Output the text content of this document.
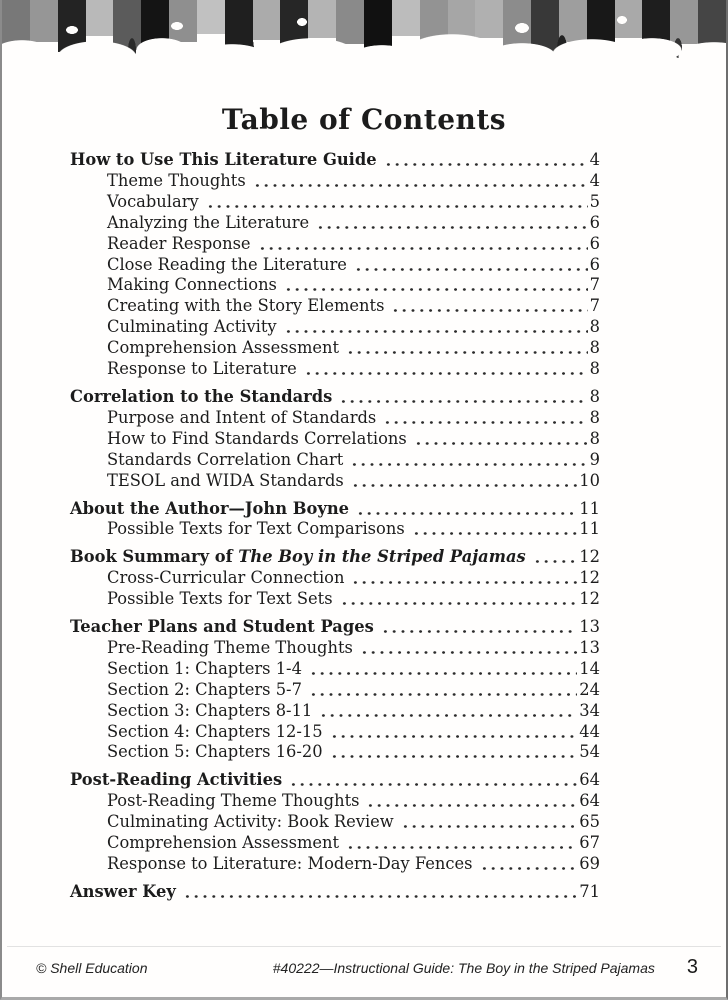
Table of Contents
How to Use This Literature Guide	4
Theme Thoughts	4
Vocabulary	5
Analyzing the Literature	6
Reader Response	6
Close Reading the Literature	6
Making Connections	7
Creating with the Story Elements	7
Culminating Activity	8
Comprehension Assessment	8
Response to Literature	8
Correlation to the Standards	8
Purpose and Intent of Standards	8
How to Find Standards Correlations	8
Standards Correlation Chart	9
TESOL and WIDA Standards	10
About the Author—John Boyne	11
Possible Texts for Text Comparisons	11
Book Summary of The Boy in the Striped Pajamas	12
Cross-Curricular Connection	12
Possible Texts for Text Sets	12
Teacher Plans and Student Pages	13
Pre-Reading Theme Thoughts	13
Section 1: Chapters 1-4	14
Section 2: Chapters 5-7	24
Section 3: Chapters 8-11	34
Section 4: Chapters 12-15	44
Section 5: Chapters 16-20	54
Post-Reading Activities	64
Post-Reading Theme Thoughts	64
Culminating Activity: Book Review	65
Comprehension Assessment	67
Response to Literature: Modern-Day Fences	69
Answer Key	71
© Shell Education	#40222—Instructional Guide: The Boy in the Striped Pajamas 3
